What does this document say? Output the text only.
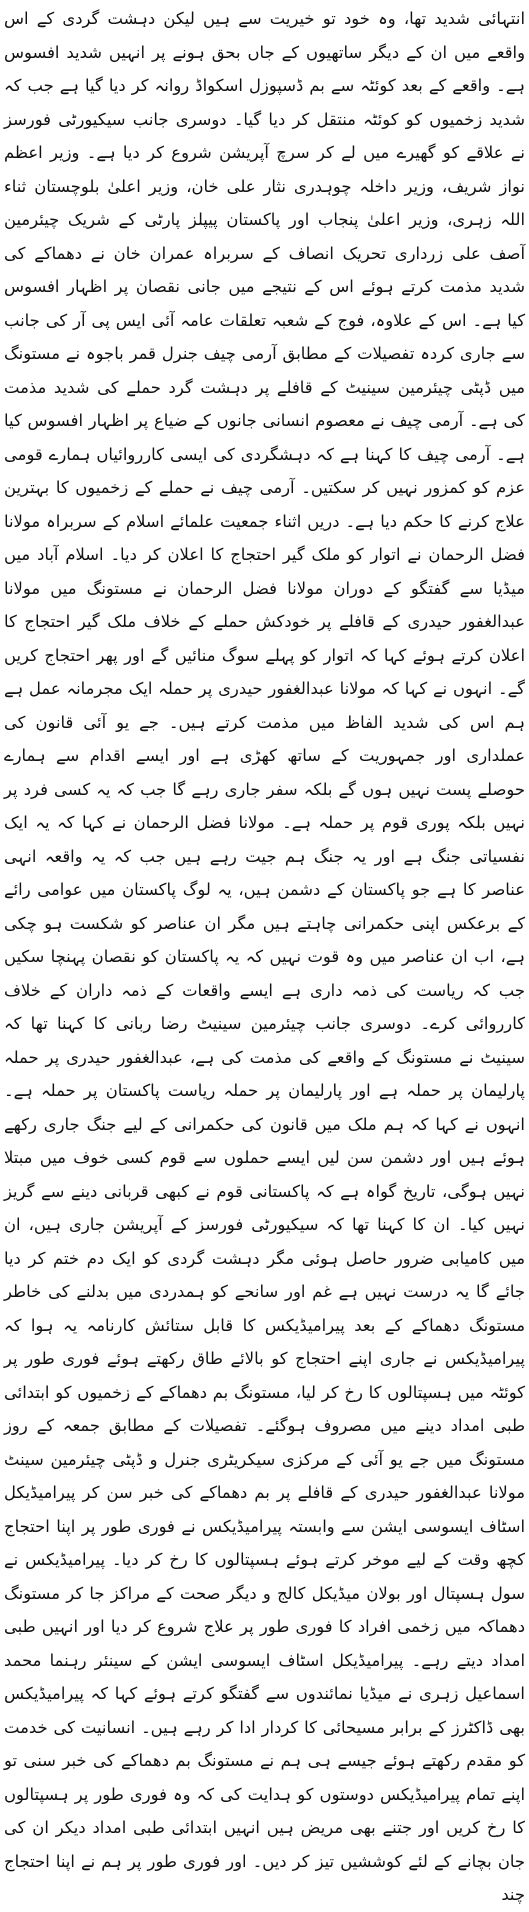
انتہائی شدید تھا، وہ خود تو خیریت سے ہیں لیکن دہشت گردی کے اس واقعے میں ان کے دیگر ساتھیوں کے جاں بحق ہونے پر انہیں شدید افسوس ہے۔ واقعے کے بعد کوئٹہ سے بم ڈسپوزل اسکواڈ روانہ کر دیا گیا ہے جب کہ شدید زخمیوں کو کوئٹہ منتقل کر دیا گیا۔ دوسری جانب سیکیورٹی فورسز نے علاقے کو گھیرے میں لے کر سرچ آپریشن شروع کر دیا ہے۔ وزیر اعظم نواز شریف، وزیر داخلہ چوہدری نثار علی خان، وزیر اعلیٰ بلوچستان ثناء اللہ زہری، وزیر اعلیٰ پنجاب اور پاکستان پیپلز پارٹی کے شریک چیئرمین آصف علی زرداری تحریک انصاف کے سربراہ عمران خان نے دھماکے کی شدید مذمت کرتے ہوئے اس کے نتیجے میں جانی نقصان پر اظہار افسوس کیا ہے۔ اس کے علاوہ، فوج کے شعبہ تعلقات عامہ آئی ایس پی آر کی جانب سے جاری کردہ تفصیلات کے مطابق آرمی چیف جنرل قمر باجوہ نے مستونگ میں ڈپٹی چیئرمین سینیٹ کے قافلے پر دہشت گرد حملے کی شدید مذمت کی ہے۔ آرمی چیف نے معصوم انسانی جانوں کے ضیاع پر اظہار افسوس کیا ہے۔ آرمی چیف کا کہنا ہے کہ دہشگردی کی ایسی کارروائیاں ہمارے قومی عزم کو کمزور نہیں کر سکتیں۔ آرمی چیف نے حملے کے زخمیوں کا بہترین علاج کرنے کا حکم دیا ہے۔ دریں اثناء جمعیت علمائے اسلام کے سربراہ مولانا فضل الرحمان نے اتوار کو ملک گیر احتجاج کا اعلان کر دیا۔ اسلام آباد میں میڈیا سے گفتگو کے دوران مولانا فضل الرحمان نے مستونگ میں مولانا عبدالغفور حیدری کے قافلے پر خودکش حملے کے خلاف ملک گیر احتجاج کا اعلان کرتے ہوئے کہا کہ اتوار کو پہلے سوگ منائیں گے اور پھر احتجاج کریں گے۔ انہوں نے کہا کہ مولانا عبدالغفور حیدری پر حملہ ایک مجرمانہ عمل ہے ہم اس کی شدید الفاظ میں مذمت کرتے ہیں۔ جے یو آئی قانون کی عملداری اور جمہوریت کے ساتھ کھڑی ہے اور ایسے اقدام سے ہمارے حوصلے پست نہیں ہوں گے بلکہ سفر جاری رہے گا جب کہ یہ کسی فرد پر نہیں بلکہ پوری قوم پر حملہ ہے۔ مولانا فضل الرحمان نے کہا کہ یہ ایک نفسیاتی جنگ ہے اور یہ جنگ ہم جیت رہے ہیں جب کہ یہ واقعہ انہی عناصر کا ہے جو پاکستان کے دشمن ہیں، یہ لوگ پاکستان میں عوامی رائے کے برعکس اپنی حکمرانی چاہتے ہیں مگر ان عناصر کو شکست ہو چکی ہے، اب ان عناصر میں وہ قوت نہیں کہ یہ پاکستان کو نقصان پہنچا سکیں جب کہ ریاست کی ذمہ داری ہے ایسے واقعات کے ذمہ داران کے خلاف کارروائی کرے۔ دوسری جانب چیئرمین سینیٹ رضا ربانی کا کہنا تھا کہ سینیٹ نے مستونگ کے واقعے کی مذمت کی ہے، عبدالغفور حیدری پر حملہ پارلیمان پر حملہ ہے اور پارلیمان پر حملہ ریاست پاکستان پر حملہ ہے۔ انہوں نے کہا کہ ہم ملک میں قانون کی حکمرانی کے لیے جنگ جاری رکھے ہوئے ہیں اور دشمن سن لیں ایسے حملوں سے قوم کسی خوف میں مبتلا نہیں ہوگی، تاریخ گواہ ہے کہ پاکستانی قوم نے کبھی قربانی دینے سے گریز نہیں کیا۔ ان کا کہنا تھا کہ سیکیورٹی فورسز کے آپریشن جاری ہیں، ان میں کامیابی ضرور حاصل ہوئی مگر دہشت گردی کو ایک دم ختم کر دیا جائے گا یہ درست نہیں ہے غم اور سانحے کو ہمدردی میں بدلنے کی خاطر مستونگ دھماکے کے بعد پیرامیڈیکس کا قابل ستائش کارنامہ یہ ہوا کہ پیرامیڈیکس نے جاری اپنے احتجاج کو بالائے طاق رکھتے ہوئے فوری طور پر کوئٹہ میں ہسپتالوں کا رخ کر لیا، مستونگ بم دھماکے کے زخمیوں کو ابتدائی طبی امداد دینے میں مصروف ہوگئے۔ تفصیلات کے مطابق جمعہ کے روز مستونگ میں جے یو آئی کے مرکزی سیکریٹری جنرل و ڈپٹی چیئرمین سینٹ مولانا عبدالغفور حیدری کے قافلے پر بم دھماکے کی خبر سن کر پیرامیڈیکل اسٹاف ایسوسی ایشن سے وابستہ پیرامیڈیکس نے فوری طور پر اپنا احتجاج کچھ وقت کے لیے موخر کرتے ہوئے ہسپتالوں کا رخ کر دیا۔ پیرامیڈیکس نے سول ہسپتال اور بولان میڈیکل کالج و دیگر صحت کے مراکز جا کر مستونگ دھماکہ میں زخمی افراد کا فوری طور پر علاج شروع کر دیا اور انہیں طبی امداد دیتے رہے۔ پیرامیڈیکل اسٹاف ایسوسی ایشن کے سینئر رہنما محمد اسماعیل زہری نے میڈیا نمائندوں سے گفتگو کرتے ہوئے کہا کہ پیرامیڈیکس بھی ڈاکٹرز کے برابر مسیحائی کا کردار ادا کر رہے ہیں۔ انسانیت کی خدمت کو مقدم رکھتے ہوئے جیسے ہی ہم نے مستونگ بم دھماکے کی خبر سنی تو اپنے تمام پیرامیڈیکس دوستوں کو ہدایت کی کہ وہ فوری طور پر ہسپتالوں کا رخ کریں اور جتنے بھی مریض ہیں انہیں ابتدائی طبی امداد دیکر ان کی جان بچانے کے لئے کوششیں تیز کر دیں۔ اور فوری طور پر ہم نے اپنا احتجاج چند
